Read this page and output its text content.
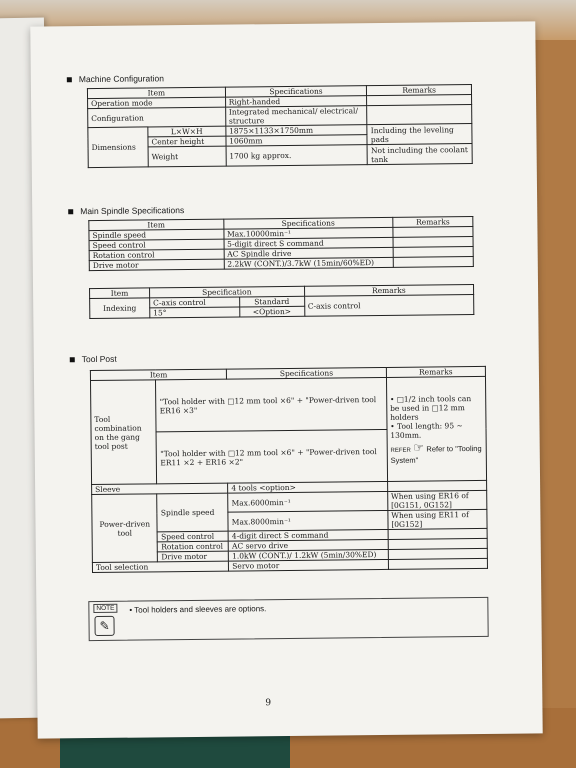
Machine Configuration
Item		Specifications	Remarks
Operation mode		Right-handed	
Configuration		Integrated mechanical/ electrical/ structure	
Dimensions	L×W×H	1875×1133×1750mm	Including the leveling pads
	Center height	1060mm	
	Weight	1700 kg approx.	Not including the coolant tank
Main Spindle Specifications
Item	Specifications	Remarks
Spindle speed	Max.10000min⁻¹	
Speed control	5-digit direct S command	
Rotation control	AC Spindle drive	
Drive motor	2.2kW (CONT.)/3.7kW (15min/60%ED)	
Item	Specification		Remarks
Indexing	C-axis control	Standard	C-axis control
	15°	<Option>	
Tool Post
Item		Specifications	Remarks
Tool combination on the gang tool post	"Tool holder with □12 mm tool ×6" + "Power-driven tool ER16 ×3"		• □1/2 inch tools can be used in □12 mm holders
• Tool length: 95 ~ 130mm.
REFER ☞ Refer to "Tooling System"

	"Tool holder with □12 mm tool ×6" + "Power-driven tool ER11 ×2 + ER16 ×2"		
Sleeve		4 tools <option>	
Power-driven tool	Spindle speed	Max.6000min⁻¹	When using ER16 of [0G151, 0G152]
		Max.8000min⁻¹	When using ER11 of [0G152]
	Speed control	4-digit direct S command	
	Rotation control	AC servo drive	
	Drive motor	1.0kW (CONT.)/ 1.2kW (5min/30%ED)	
Tool selection		Servo motor	
NOTE
✎
• Tool holders and sleeves are options.
9
